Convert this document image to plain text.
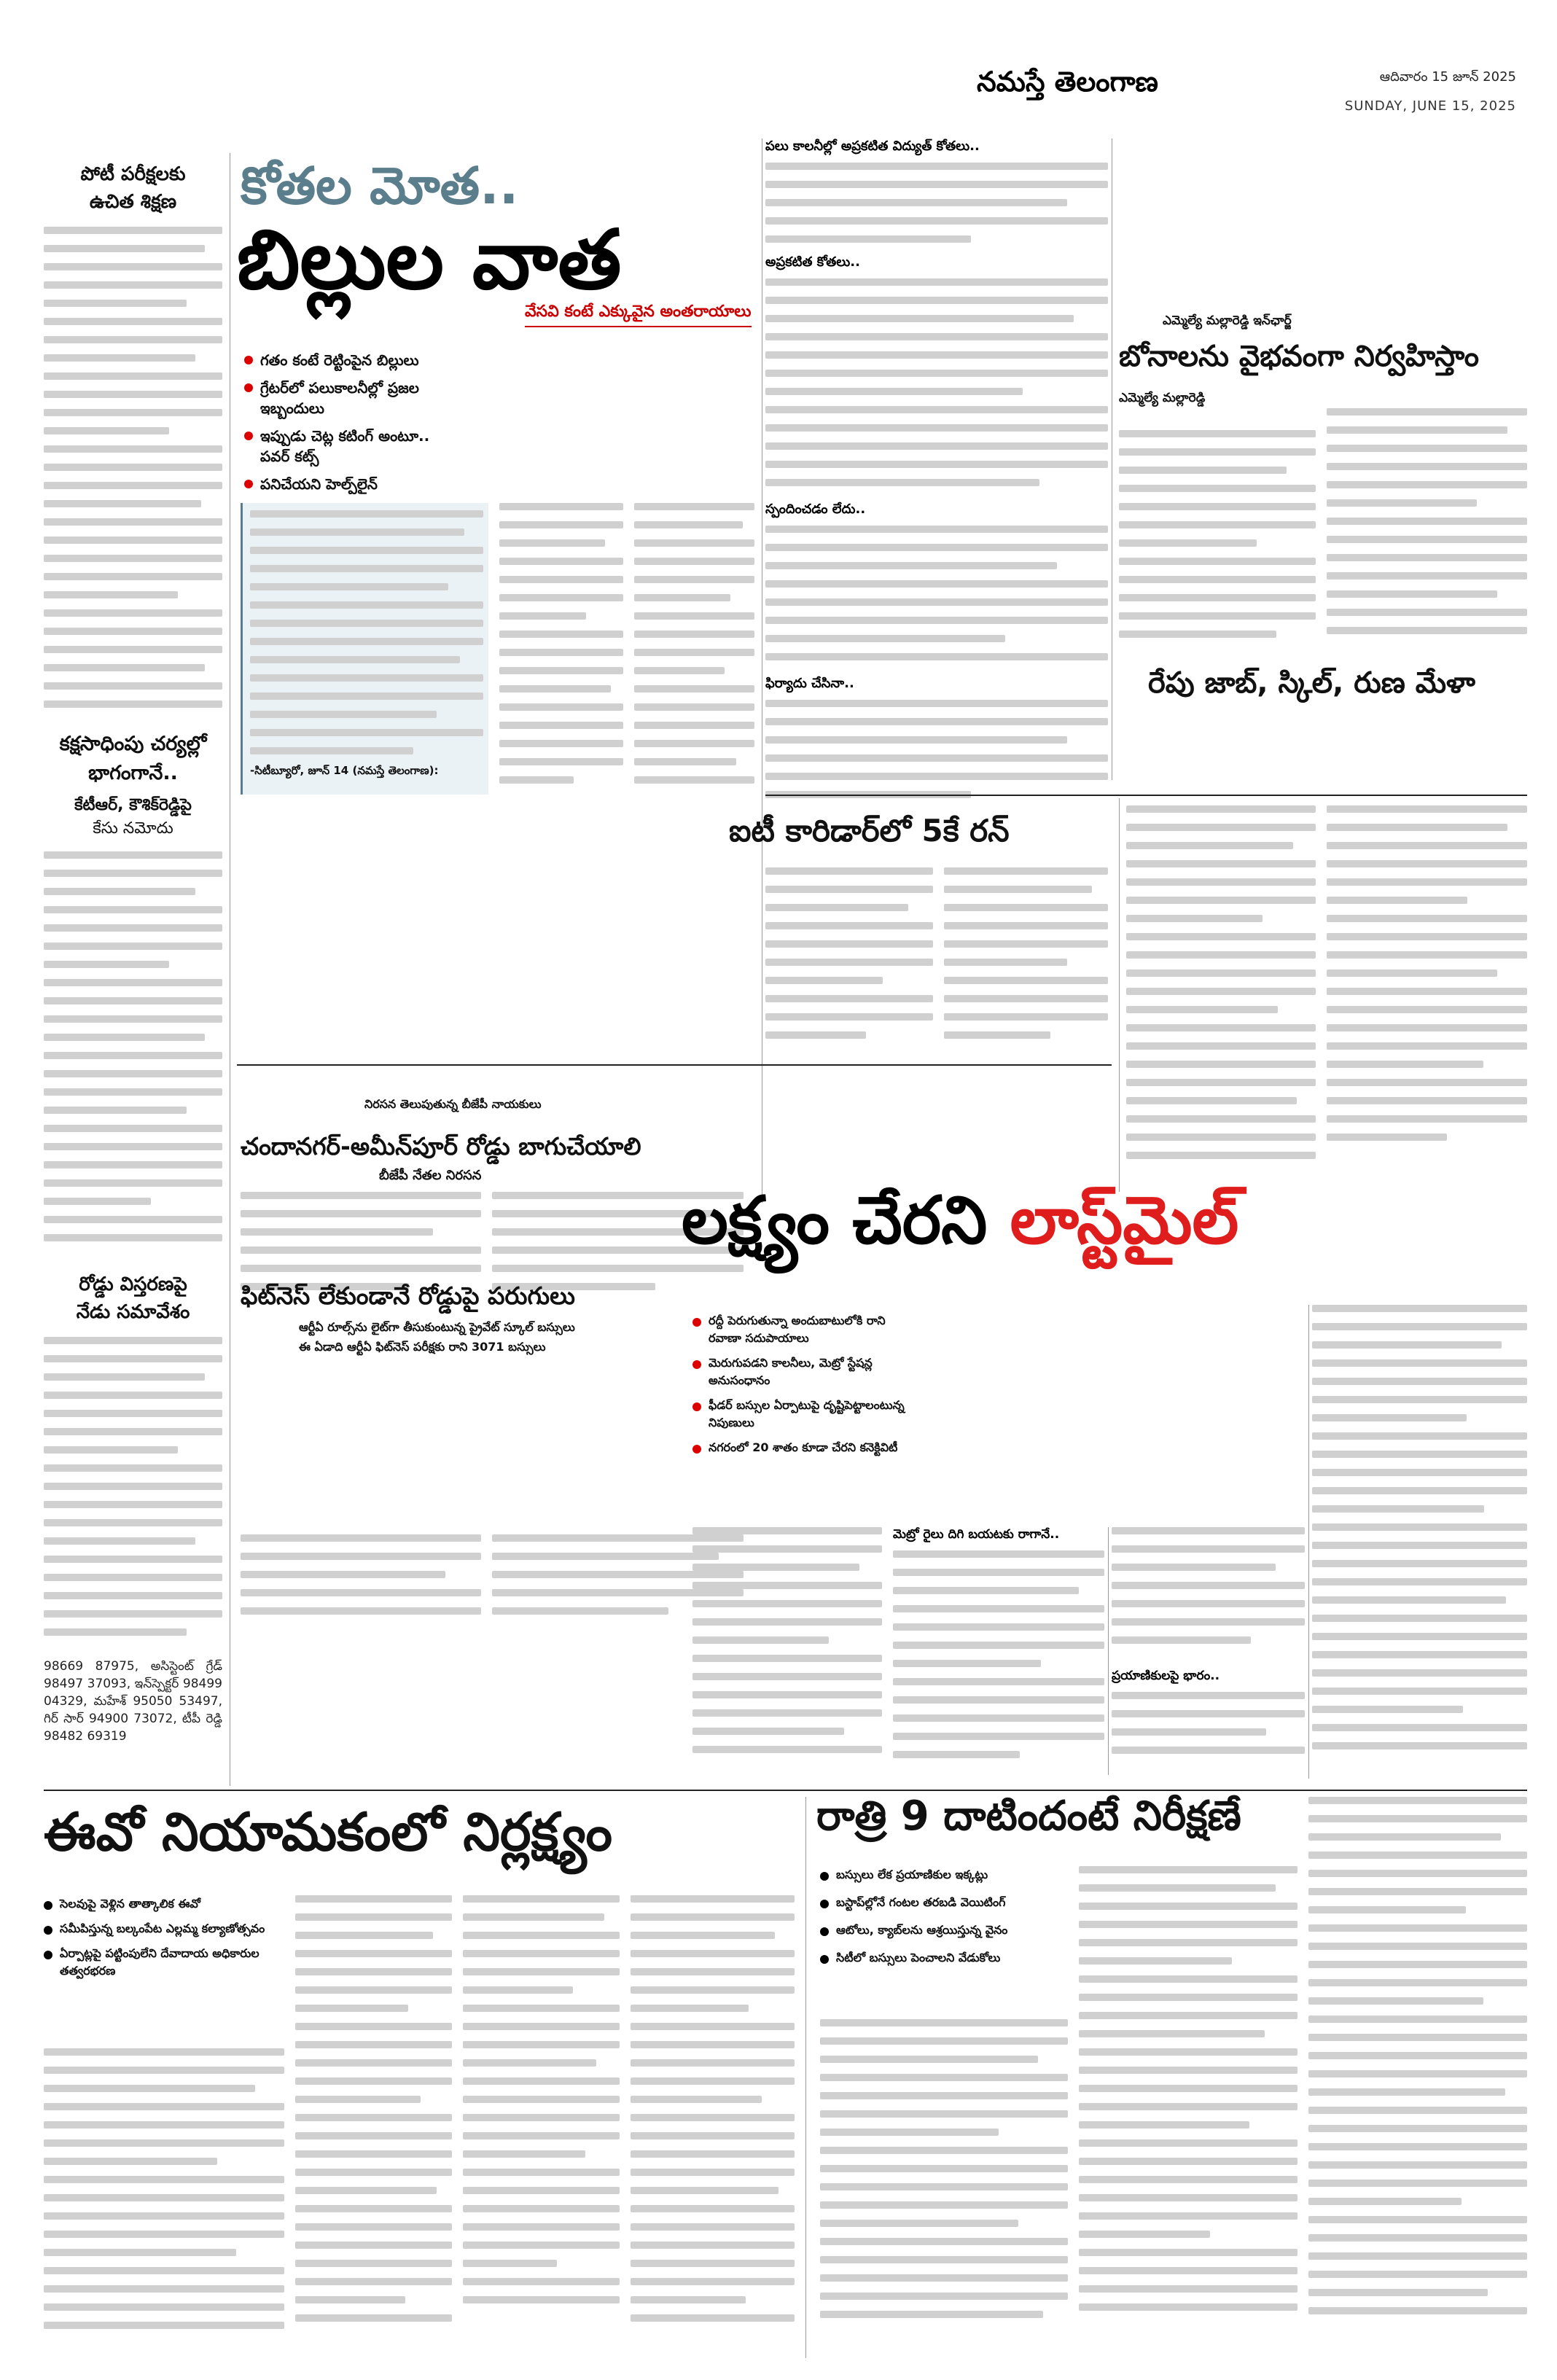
నమస్తే తెలంగాణ	ఆదివారం 15 జూన్ 2025
SUNDAY, JUNE 15, 2025
పోటీ పరీక్షలకు
ఉచిత శిక్షణ
కక్షసాధింపు చర్యల్లో
భాగంగానే..
కేటీఆర్, కౌశిక్‌రెడ్డిపై
కేసు నమోదు
రోడ్డు విస్తరణపై
నేడు సమావేశం
98669 87975, అసిస్టెంట్ గ్రేడ్ 98497 37093, ఇన్‌స్పెక్టర్ 98499 04329, మహేశ్ 95050 53497, గిర్ సార్ 94900 73072, టీపీ రెడ్డి 98482 69319
కోతల మోత..
బిల్లుల వాత
వేసవి కంటే ఎక్కువైన అంతరాయాలు
గతం కంటే రెట్టింపైన బిల్లులు
గ్రేటర్‌లో పలుకాలనీల్లో ప్రజల ఇబ్బందులు
ఇప్పుడు చెట్ల కటింగ్ అంటూ.. పవర్ కట్స్
పనిచేయని హెల్ప్‌లైన్
-సిటీబ్యూరో, జూన్ 14 (నమస్తే తెలంగాణ):
పలు కాలనీల్లో అప్రకటిత విద్యుత్ కోతలు..
అప్రకటిత కోతలు..
స్పందించడం లేదు..
ఫిర్యాదు చేసినా..
ఎమ్మెల్యే మల్లారెడ్డి ఇన్‌ఛార్జ్
బోనాలను వైభవంగా నిర్వహిస్తాం
ఎమ్మెల్యే మల్లారెడ్డి
రేపు జాబ్, స్కిల్, రుణ మేళా
ఐటీ కారిడార్‌లో 5కే రన్
నిరసన తెలుపుతున్న బీజేపీ నాయకులు
చందానగర్-అమీన్‌పూర్ రోడ్డు బాగుచేయాలి
బీజేపీ నేతల నిరసన
ఫిట్‌నెస్ లేకుండానే రోడ్డుపై పరుగులు
ఆర్టీఏ రూల్స్‌ను లైట్‌గా తీసుకుంటున్న ప్రైవేట్ స్కూల్ బస్సులు
ఈ ఏడాది ఆర్టీఏ ఫిట్‌నెస్ పరీక్షకు రాని 3071 బస్సులు
లక్ష్యం చేరని లాస్ట్‌మైల్
రద్దీ పెరుగుతున్నా అందుబాటులోకి రాని రవాణా సదుపాయాలు
మెరుగుపడని కాలనీలు, మెట్రో స్టేషన్ల అనుసంధానం
ఫీడర్ బస్సుల ఏర్పాటుపై దృష్టిపెట్టాలంటున్న నిపుణులు
నగరంలో 20 శాతం కూడా చేరని కనెక్టివిటీ
మెట్రో రైలు దిగి బయటకు రాగానే..
ప్రయాణికులపై భారం..
ఈవో నియామకంలో నిర్లక్ష్యం
సెలవుపై వెళ్లిన తాత్కాలిక ఈవో
సమీపిస్తున్న బల్కంపేట ఎల్లమ్మ కల్యాణోత్సవం
ఏర్పాట్లపై పట్టింపులేని దేవాదాయ అధికారుల తత్వరభరణ
రాత్రి 9 దాటిందంటే నిరీక్షణే
బస్సులు లేక ప్రయాణికుల ఇక్కట్లు
బస్టాప్‌ల్లోనే గంటల తరబడి వెయిటింగ్
ఆటోలు, క్యాబ్‌లను ఆశ్రయిస్తున్న వైనం
సిటీలో బస్సులు పెంచాలని వేడుకోలు
